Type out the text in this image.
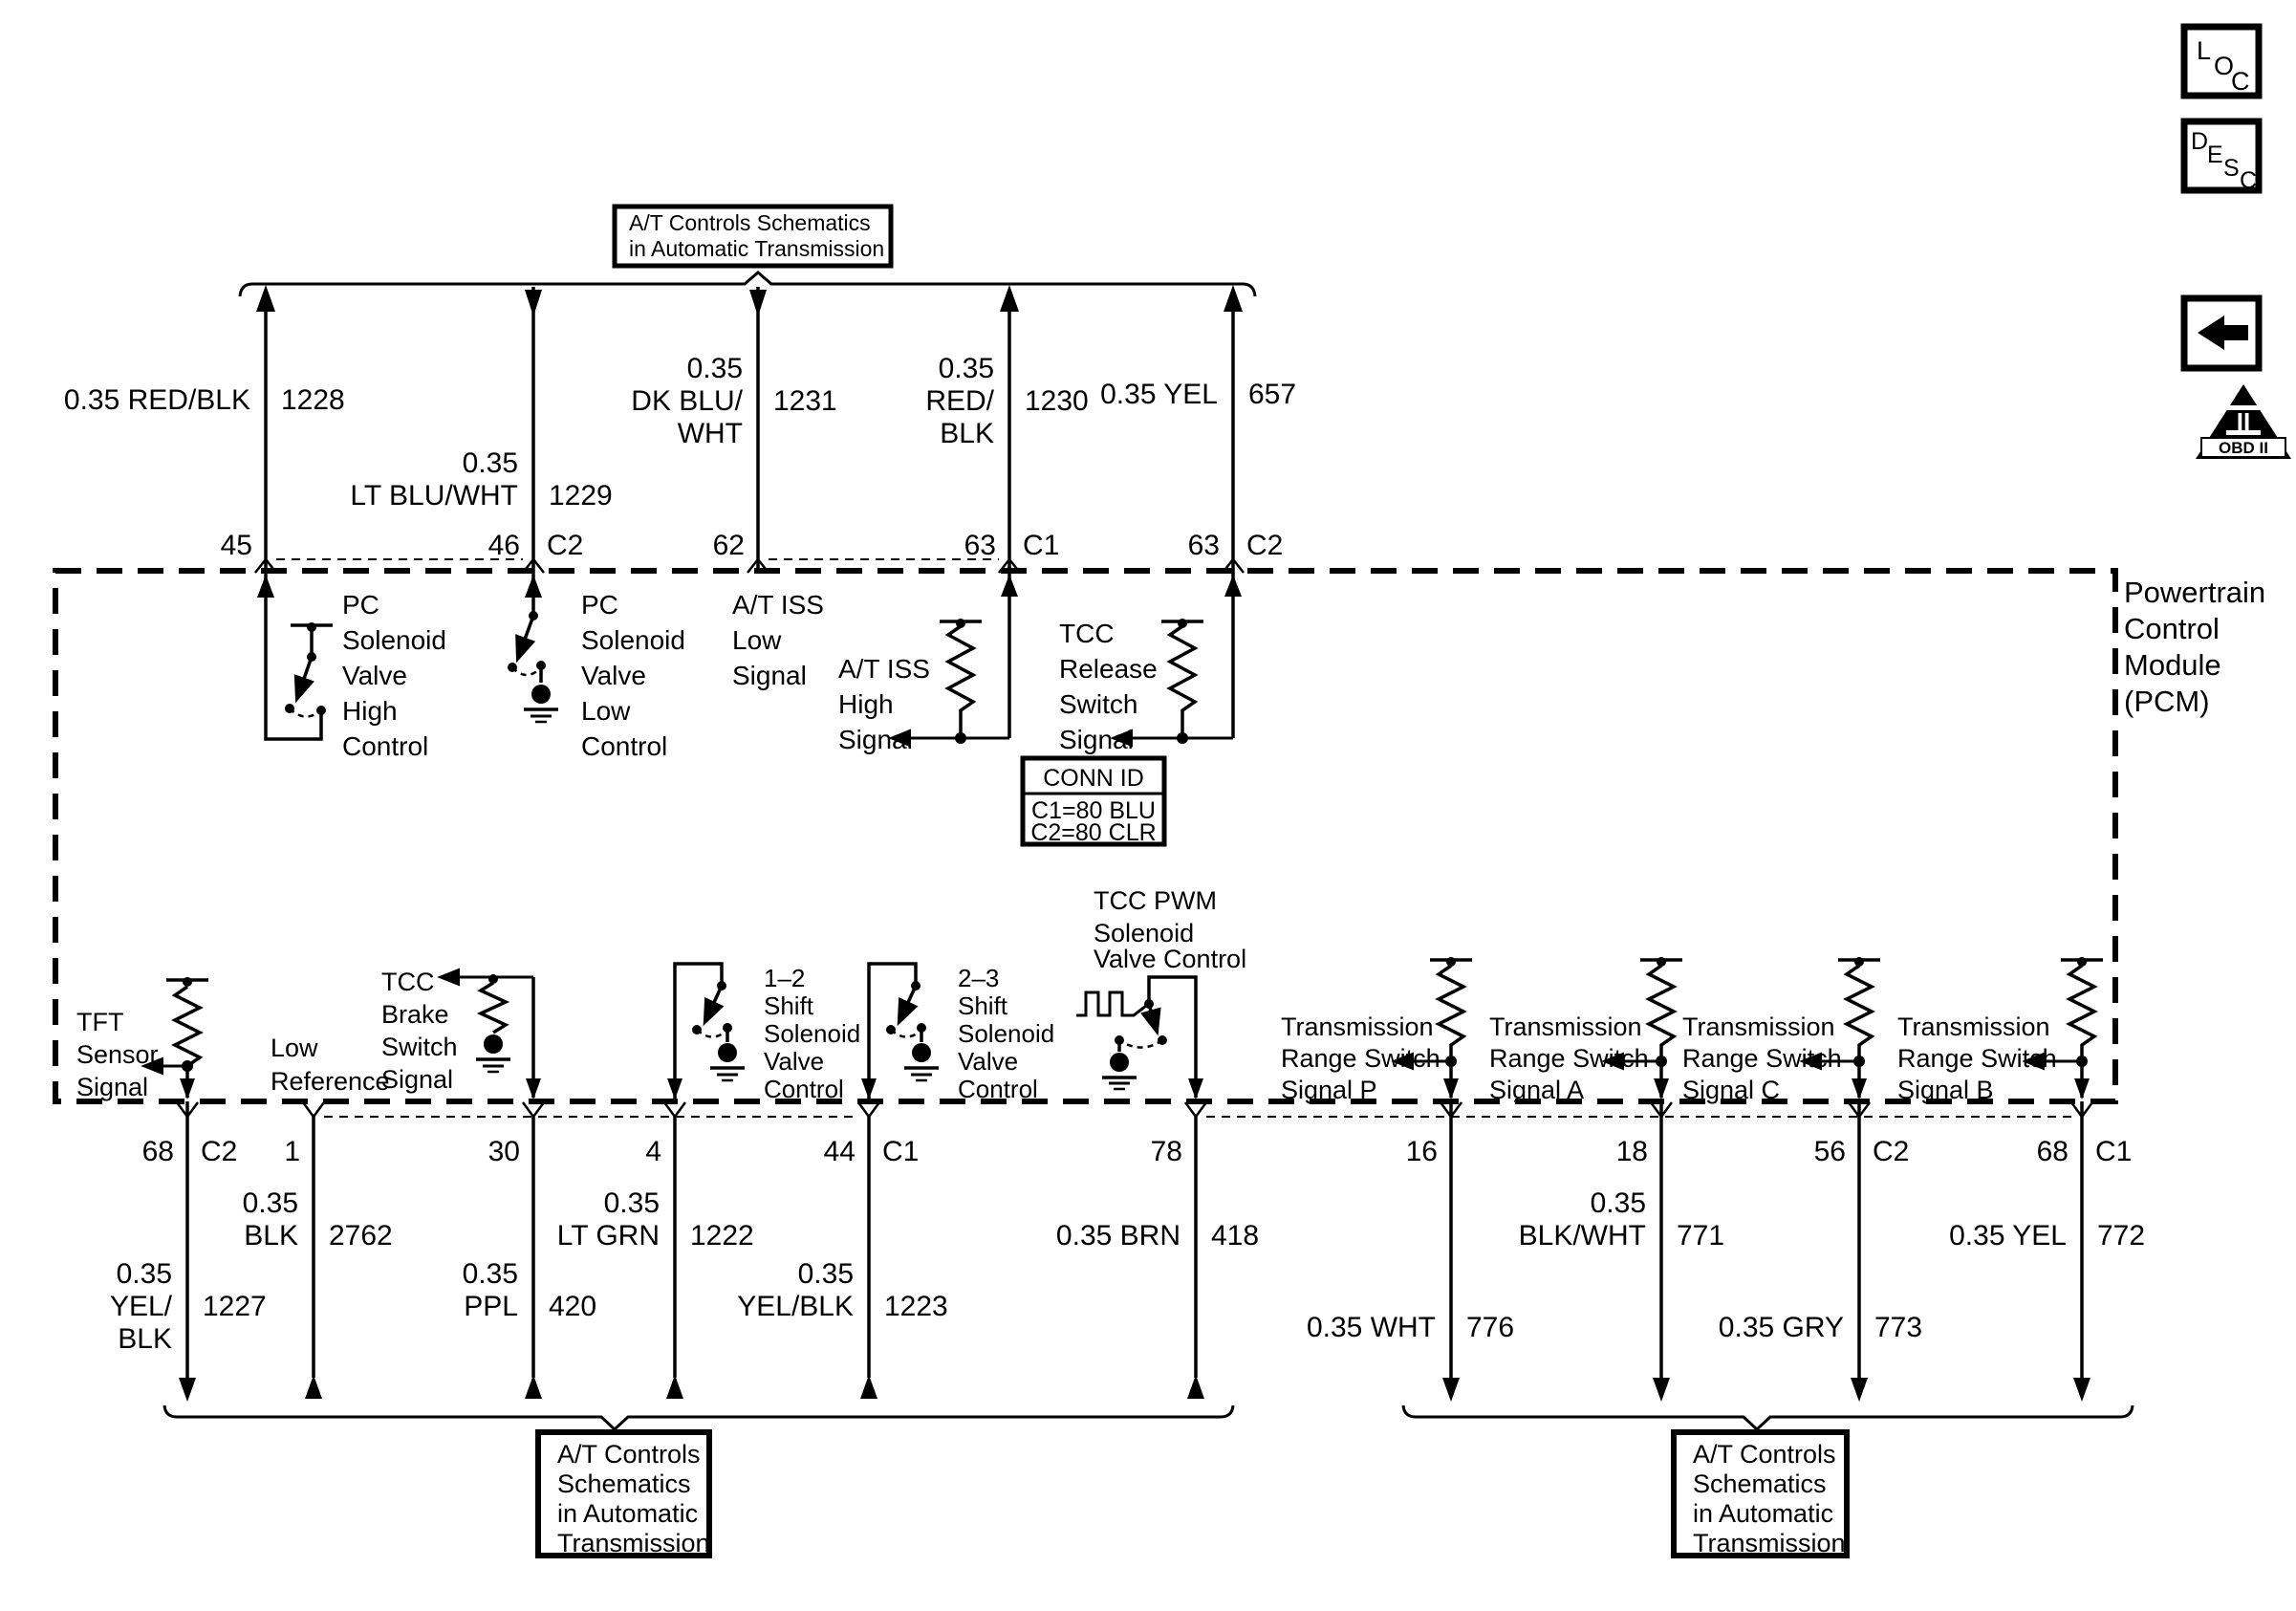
A/T Controls Schematics
in Automatic Transmission
0.35 RED/BLK 1228
45
0.35
LT BLU/WHT 1229
46 C2
0.35
DK BLU/
WHT
1231
62
0.35
RED/
BLK
1230
63 C1
0.35 YEL 657
63 C2
Powertrain
Control
Module
(PCM)
PC
Solenoid
Valve
High
Control
PC
Solenoid
Valve
Low
Control
A/T ISS
Low
Signal A/T ISS
High
Signal
TCC
Release
Switch
Signal
CONN ID
C1=80 BLU
C2=80 CLR
TFT
Sensor
Signal
Low
Reference
TCC
Brake
Switch
Signal
1–2
Shift
Solenoid
Valve
Control
2–3
Shift
Solenoid
Valve
Control
TCC PWM
Solenoid
Valve Control
Transmission
Range Switch
Signal P
Transmission
Range Switch
Signal A
Transmission
Range Switch
Signal C
Transmission
Range Switch
Signal B
68 C2
0.35
YEL/
BLK
1227
1
0.35
BLK 2762
30
0.35
PPL 420
4
0.35
LT GRN 1222
44 C1
0.35
YEL/BLK 1223
78
0.35 BRN 418
16
0.35 WHT 776
18
0.35
BLK/WHT 771
56 C2
0.35 GRY 773
68 C1
0.35 YEL 772
A/T Controls
Schematics
in Automatic
Transmission
A/T Controls
Schematics
in Automatic
Transmission
L
O
C
D
E S C
II
OBD II
